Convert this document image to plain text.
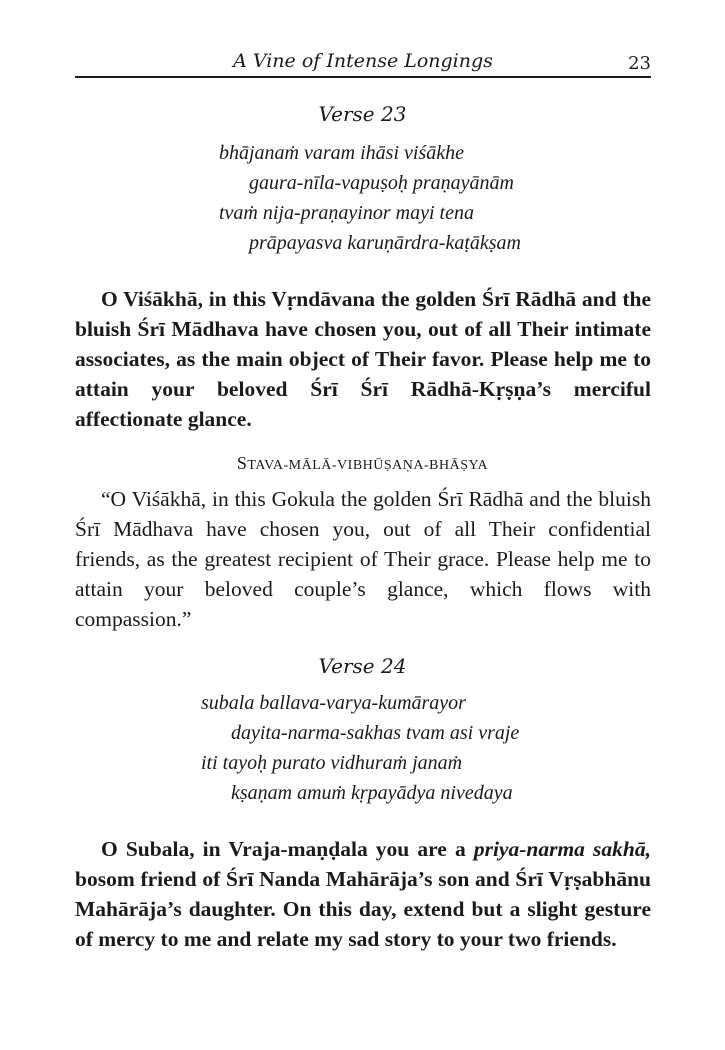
A Vine of Intense Longings	23
Verse 23
bhājanaṁ varam ihāsi viśākhe
gaura-nīla-vapuṣoḥ praṇayānām
tvaṁ nija-praṇayinor mayi tena
prāpayasva karuṇārdra-kaṭākṣam

O Viśākhā, in this Vṛndāvana the golden Śrī Rādhā and the bluish Śrī Mādhava have chosen you, out of all Their intimate associates, as the main object of Their favor. Please help me to attain your beloved Śrī Śrī Rādhā-Kṛṣṇa’s merciful affectionate glance.

STAVA-MĀLĀ-VIBHŪṢAṆA-BHĀṢYA

“O Viśākhā, in this Gokula the golden Śrī Rādhā and the bluish Śrī Mādhava have chosen you, out of all Their confidential friends, as the greatest recipient of Their grace. Please help me to attain your beloved couple’s glance, which flows with compassion.”

Verse 24
subala ballava-varya-kumārayor
dayita-narma-sakhas tvam asi vraje
iti tayoḥ purato vidhuraṁ janaṁ
kṣaṇam amuṁ kṛpayādya nivedaya

O Subala, in Vraja-maṇḍala you are a priya-narma sakhā, bosom friend of Śrī Nanda Mahārāja’s son and Śrī Vṛṣabhānu Mahārāja’s daughter. On this day, extend but a slight gesture of mercy to me and relate my sad story to your two friends.
